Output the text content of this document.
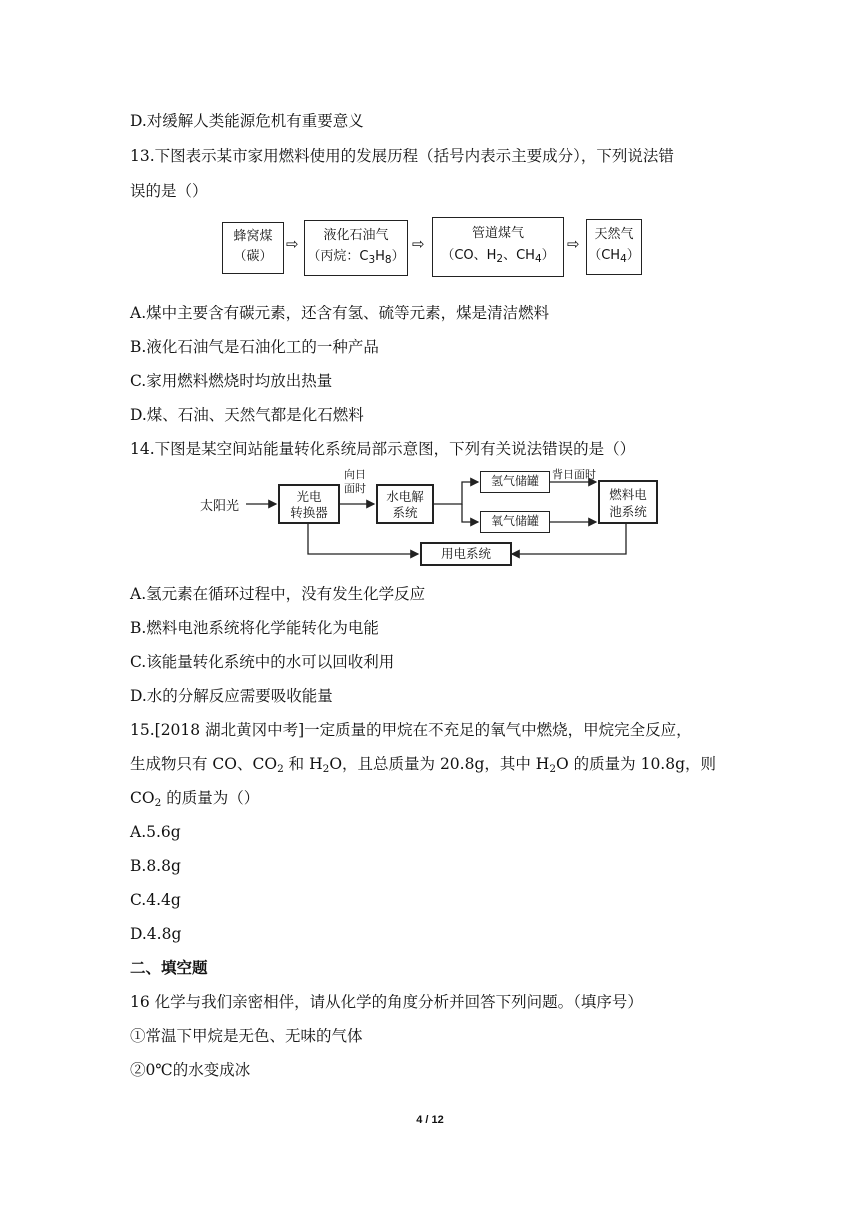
D.对缓解人类能源危机有重要意义
13.下图表示某市家用燃料使用的发展历程（括号内表示主要成分），下列说法错
误的是（）
蜂窝煤
（碳）
⇨	液化石油气
（丙烷：$C_3H_8$）
⇨
管道煤气
（CO、$H_2$、$CH_4$）
⇨
天然气
$(CH_4)$
A.煤中主要含有碳元素，还含有氢、硫等元素，煤是清洁燃料
B.液化石油气是石油化工的一种产品
C.家用燃料燃烧时均放出热量
D.煤、石油、天然气都是化石燃料
14.下图是某空间站能量转化系统局部示意图，下列有关说法错误的是（）
太阳光
光电
转换器
向日
面时
水电解
系统
氢气储罐
氧气储罐
背日面时
燃料电
池系统
用电系统
A.氢元素在循环过程中，没有发生化学反应
B.燃料电池系统将化学能转化为电能
C.该能量转化系统中的水可以回收利用
D.水的分解反应需要吸收能量
15.[2018 湖北黄冈中考]一定质量的甲烷在不充足的氧气中燃烧，甲烷完全反应，
生成物只有 CO、$CO_2$ 和 $H_2O$，且总质量为 20.8g，其中 $H_2O$ 的质量为 10.8g，则
$CO_2$ 的质量为（）
A.5.6g
B.8.8g
C.4.4g
D.4.8g
二、填空题
16 化学与我们亲密相伴，请从化学的角度分析并回答下列问题。（填序号）
①常温下甲烷是无色、无味的气体
②0℃的水变成冰
4 / 12
